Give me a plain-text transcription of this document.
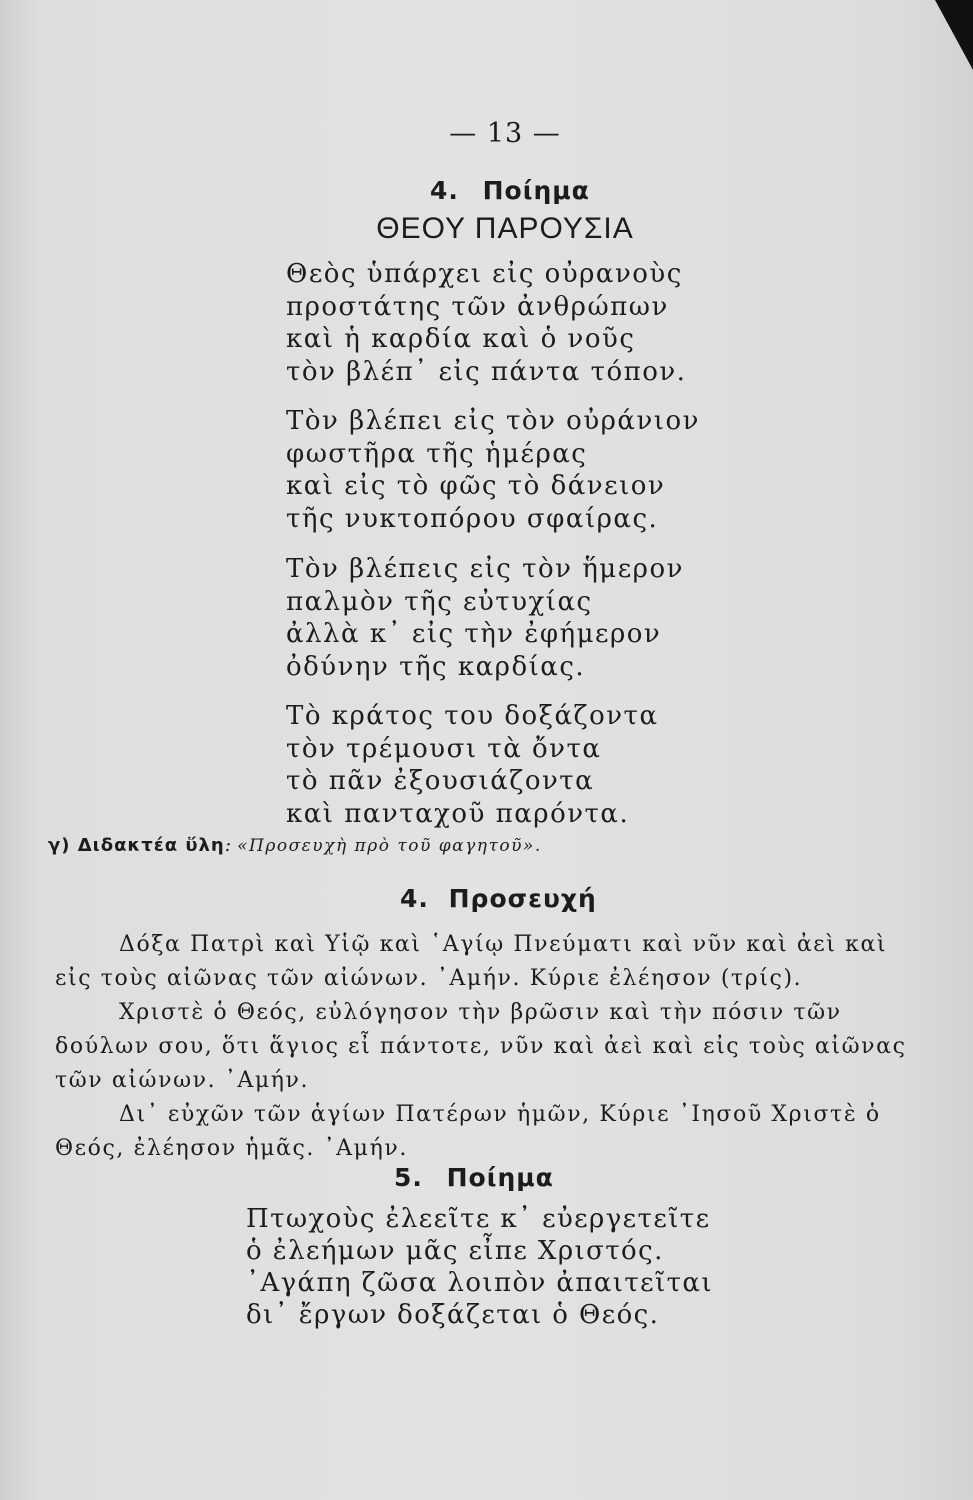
— 13 —
4. Ποίημα
ΘΕΟΥ ΠΑΡΟΥΣΙΑ
Θεὸς ὑπάρχει εἰς οὐρανοὺς
προστάτης τῶν ἀνθρώπων
καὶ ἡ καρδία καὶ ὁ νοῦς
τὸν βλέπ᾿ εἰς πάντα τόπον.
Τὸν βλέπει εἰς τὸν οὐράνιον
φωστῆρα τῆς ἡμέρας
καὶ εἰς τὸ φῶς τὸ δάνειον
τῆς νυκτοπόρου σφαίρας.
Τὸν βλέπεις εἰς τὸν ἥμερον
παλμὸν τῆς εὐτυχίας
ἀλλὰ κ᾿ εἰς τὴν ἐφήμερον
ὀδύνην τῆς καρδίας.
Τὸ κράτος του δοξάζοντα
τὸν τρέμουσι τὰ ὄντα
τὸ πᾶν ἐξουσιάζοντα
καὶ πανταχοῦ παρόντα.
γ) Διδακτέα ὕλη: «Προσευχὴ πρὸ τοῦ φαγητοῦ».
4. Προσευχή
Δόξα Πατρὶ καὶ Υἱῷ καὶ ῾Αγίῳ Πνεύματι καὶ νῦν καὶ ἀεὶ καὶ
εἰς τοὺς αἰῶνας τῶν αἰώνων. ᾿Αμήν. Κύριε ἐλέησον (τρίς).
Χριστὲ ὁ Θεός, εὐλόγησον τὴν βρῶσιν καὶ τὴν πόσιν τῶν
δούλων σου, ὅτι ἅγιος εἶ πάντοτε, νῦν καὶ ἀεὶ καὶ εἰς τοὺς αἰῶνας
τῶν αἰώνων. ᾿Αμήν.
Δι᾿ εὐχῶν τῶν ἁγίων Πατέρων ἡμῶν, Κύριε ᾿Ιησοῦ Χριστὲ ὁ
Θεός, ἐλέησον ἡμᾶς. ᾿Αμήν.
5. Ποίημα
Πτωχοὺς ἐλεεῖτε κ᾿ εὐεργετεῖτε
ὁ ἐλεήμων μᾶς εἶπε Χριστός.
᾿Αγάπη ζῶσα λοιπὸν ἀπαιτεῖται
δι᾿ ἔργων δοξάζεται ὁ Θεός.
